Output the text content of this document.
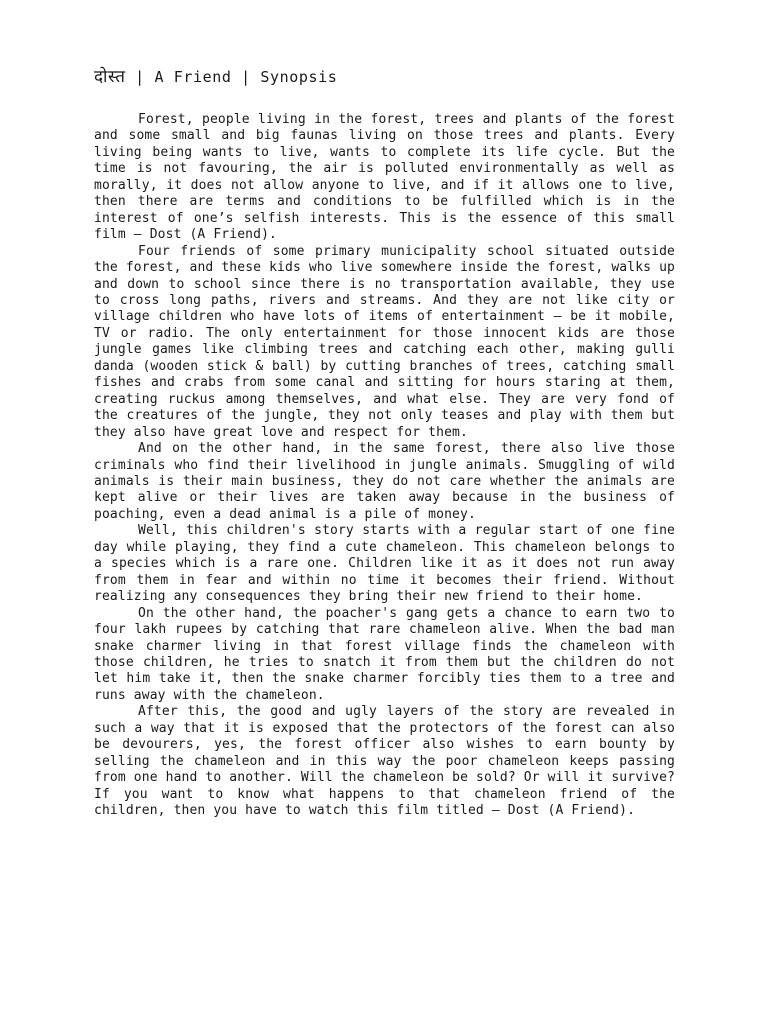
दोस्त | A Friend | Synopsis

Forest, people living in the forest, trees and plants of the forest and some small and big faunas living on those trees and plants. Every living being wants to live, wants to complete its life cycle. But the time is not favouring, the air is polluted environmentally as well as morally, it does not allow anyone to live, and if it allows one to live, then there are terms and conditions to be fulfilled which is in the interest of one’s selfish interests. This is the essence of this small film – Dost (A Friend).

Four friends of some primary municipality school situated outside the forest, and these kids who live somewhere inside the forest, walks up and down to school since there is no transportation available, they use to cross long paths, rivers and streams. And they are not like city or village children who have lots of items of entertainment – be it mobile, TV or radio. The only entertainment for those innocent kids are those jungle games like climbing trees and catching each other, making gulli danda (wooden stick & ball) by cutting branches of trees, catching small fishes and crabs from some canal and sitting for hours staring at them, creating ruckus among themselves, and what else. They are very fond of the creatures of the jungle, they not only teases and play with them but they also have great love and respect for them.

And on the other hand, in the same forest, there also live those criminals who find their livelihood in jungle animals. Smuggling of wild animals is their main business, they do not care whether the animals are kept alive or their lives are taken away because in the business of poaching, even a dead animal is a pile of money.

Well, this children's story starts with a regular start of one fine day while playing, they find a cute chameleon. This chameleon belongs to a species which is a rare one. Children like it as it does not run away from them in fear and within no time it becomes their friend. Without realizing any consequences they bring their new friend to their home.

On the other hand, the poacher's gang gets a chance to earn two to four lakh rupees by catching that rare chameleon alive. When the bad man snake charmer living in that forest village finds the chameleon with those children, he tries to snatch it from them but the children do not let him take it, then the snake charmer forcibly ties them to a tree and runs away with the chameleon.

After this, the good and ugly layers of the story are revealed in such a way that it is exposed that the protectors of the forest can also be devourers, yes, the forest officer also wishes to earn bounty by selling the chameleon and in this way the poor chameleon keeps passing from one hand to another. Will the chameleon be sold? Or will it survive? If you want to know what happens to that chameleon friend of the children, then you have to watch this film titled – Dost (A Friend).
